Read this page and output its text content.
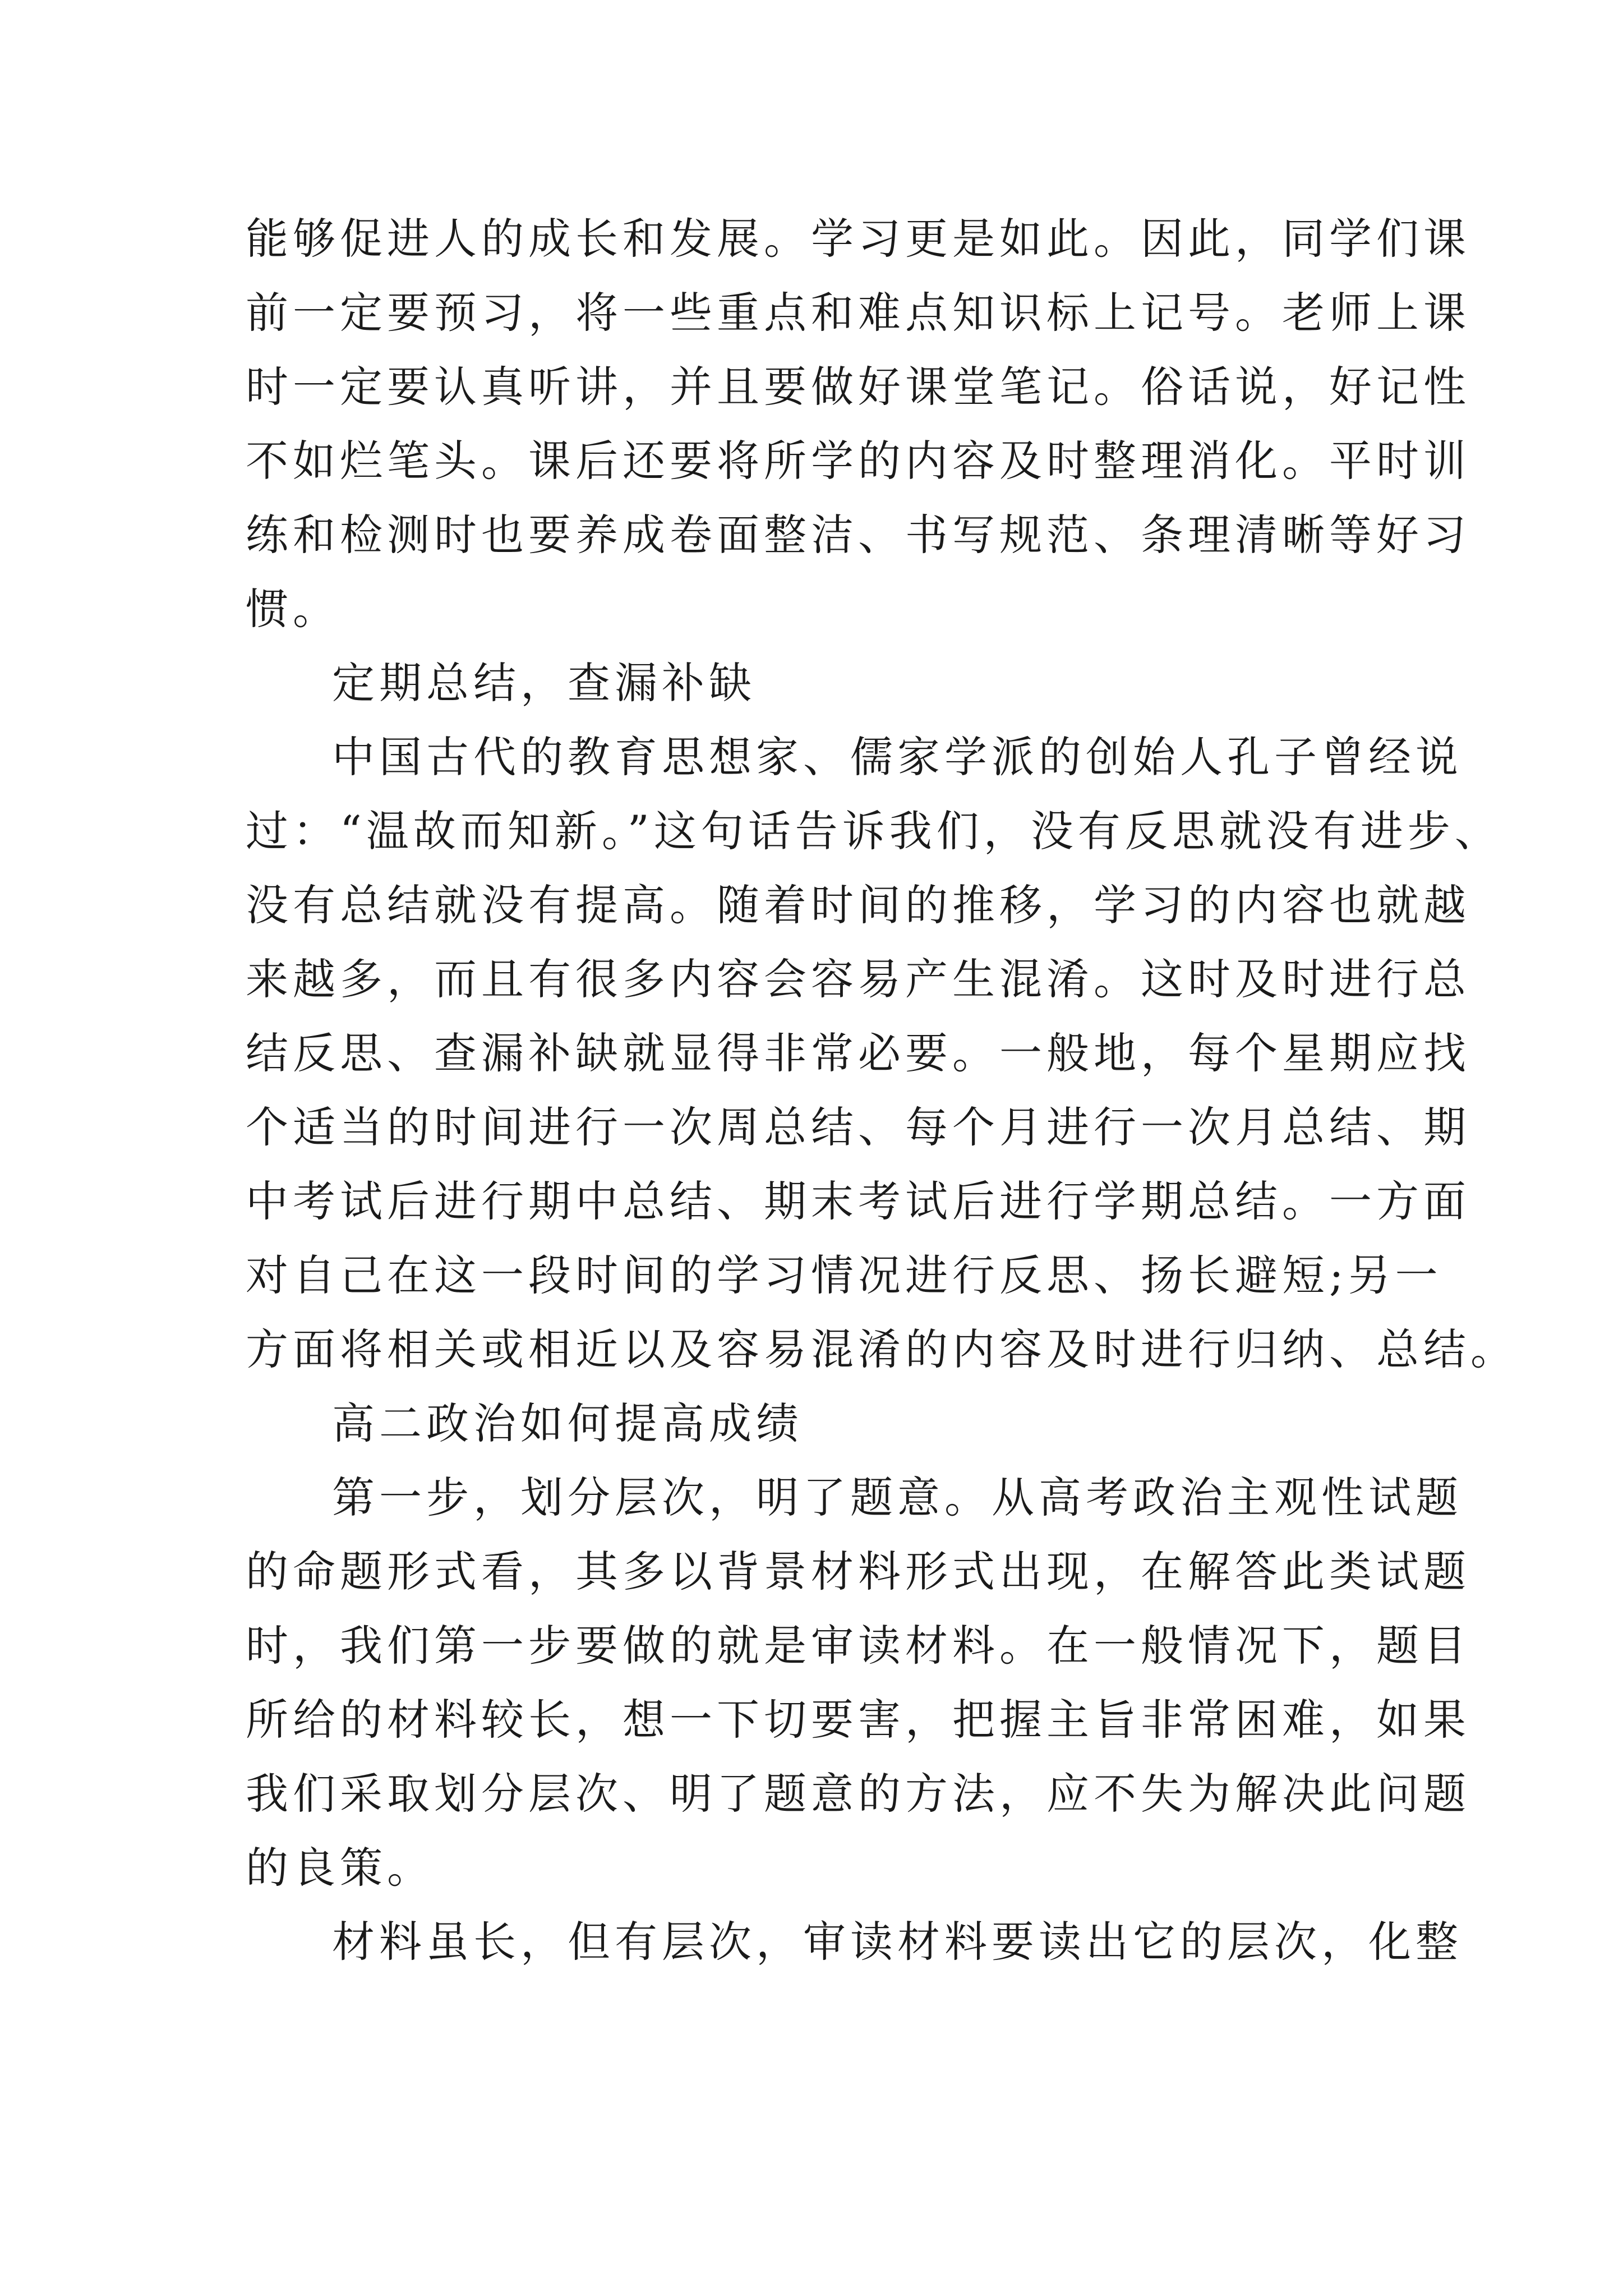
能够促进人的成长和发展。学习更是如此。因此，同学们课
前一定要预习，将一些重点和难点知识标上记号。老师上课
时一定要认真听讲，并且要做好课堂笔记。俗话说，好记性
不如烂笔头。课后还要将所学的内容及时整理消化。平时训
练和检测时也要养成卷面整洁、书写规范、条理清晰等好习
惯。
定期总结，查漏补缺
中国古代的教育思想家、儒家学派的创始人孔子曾经说
过：“温故而知新。”这句话告诉我们，没有反思就没有进步、
没有总结就没有提高。随着时间的推移，学习的内容也就越
来越多，而且有很多内容会容易产生混淆。这时及时进行总
结反思、查漏补缺就显得非常必要。一般地，每个星期应找
个适当的时间进行一次周总结、每个月进行一次月总结、期
中考试后进行期中总结、期末考试后进行学期总结。一方面
对自己在这一段时间的学习情况进行反思、扬长避短;另一
方面将相关或相近以及容易混淆的内容及时进行归纳、总结。
高二政治如何提高成绩
第一步，划分层次，明了题意。从高考政治主观性试题
的命题形式看，其多以背景材料形式出现，在解答此类试题
时，我们第一步要做的就是审读材料。在一般情况下，题目
所给的材料较长，想一下切要害，把握主旨非常困难，如果
我们采取划分层次、明了题意的方法，应不失为解决此问题
的良策。
材料虽长，但有层次，审读材料要读出它的层次，化整
